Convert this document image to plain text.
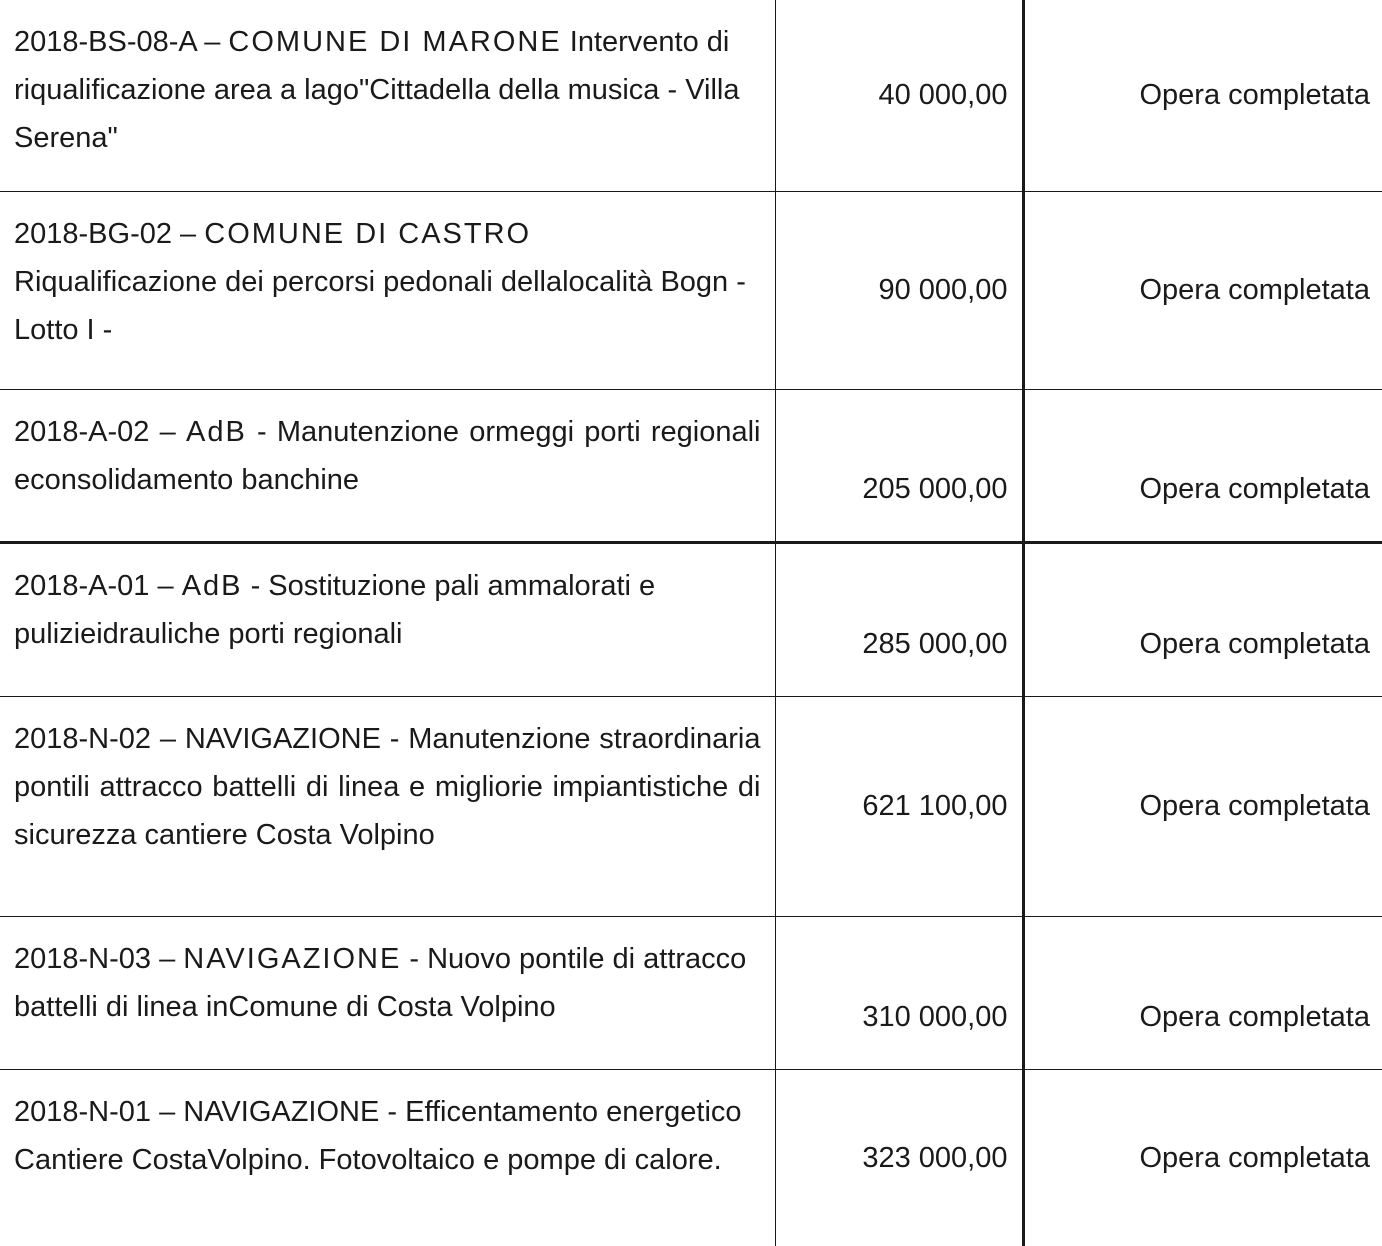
2018-BS-08-A – COMUNE DI MARONE Intervento di riqualificazione area a lago"Cittadella della musica - Villa Serena"	40 000,00	Opera completata
2018-BG-02 – COMUNE DI CASTRO
Riqualificazione dei percorsi pedonali dellalocalità Bogn - Lotto I -	90 000,00	Opera completata
2018-A-02 – AdB - Manutenzione ormeggi porti regionali econsolidamento banchine	205 000,00	Opera completata
2018-A-01 – AdB - Sostituzione pali ammalorati e pulizieidrauliche porti regionali	285 000,00	Opera completata
2018-N-02 – NAVIGAZIONE - Manutenzione straordinaria pontili attracco battelli di linea e migliorie impiantistiche di sicurezza cantiere Costa Volpino	621 100,00	Opera completata
2018-N-03 – NAVIGAZIONE - Nuovo pontile di attracco battelli di linea inComune di Costa Volpino	310 000,00	Opera completata
2018-N-01 – NAVIGAZIONE - Efficentamento energetico Cantiere CostaVolpino. Fotovoltaico e pompe di calore.	323 000,00	Opera completata
